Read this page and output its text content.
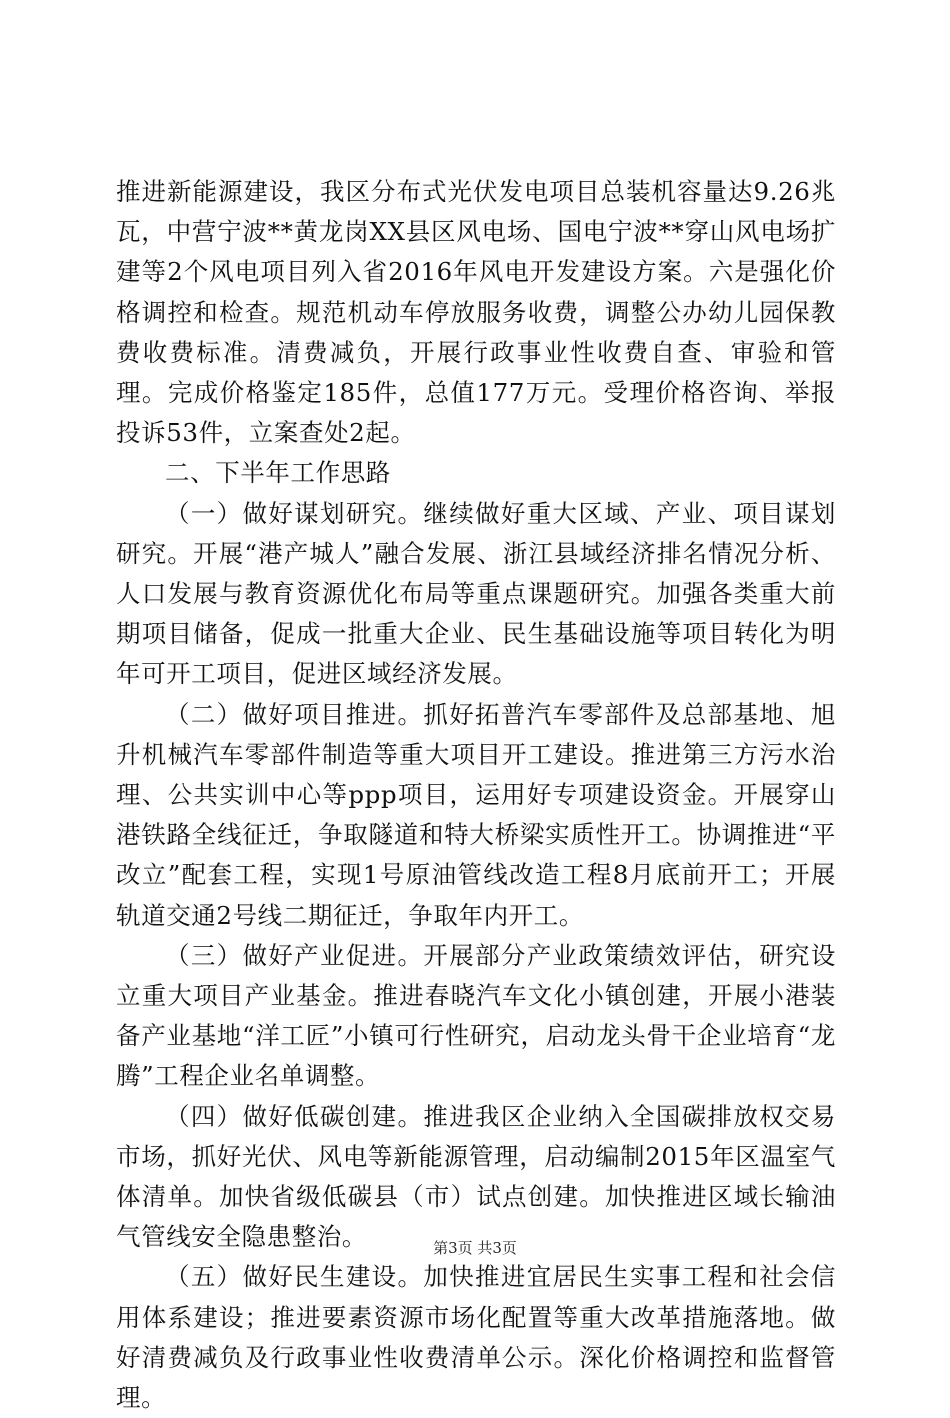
推进新能源建设，我区分布式光伏发电项目总装机容量达9.26兆瓦，中营宁波**黄龙岗XX县区风电场、国电宁波**穿山风电场扩建等2个风电项目列入省2016年风电开发建设方案。六是强化价格调控和检查。规范机动车停放服务收费，调整公办幼儿园保教费收费标准。清费减负，开展行政事业性收费自查、审验和管理。完成价格鉴定185件，总值177万元。受理价格咨询、举报投诉53件，立案查处2起。

二、下半年工作思路

（一）做好谋划研究。继续做好重大区域、产业、项目谋划研究。开展“港产城人”融合发展、浙江县域经济排名情况分析、人口发展与教育资源优化布局等重点课题研究。加强各类重大前期项目储备，促成一批重大企业、民生基础设施等项目转化为明年可开工项目，促进区域经济发展。

（二）做好项目推进。抓好拓普汽车零部件及总部基地、旭升机械汽车零部件制造等重大项目开工建设。推进第三方污水治理、公共实训中心等ppp项目，运用好专项建设资金。开展穿山港铁路全线征迁，争取隧道和特大桥梁实质性开工。协调推进“平改立”配套工程，实现1号原油管线改造工程8月底前开工；开展轨道交通2号线二期征迁，争取年内开工。

（三）做好产业促进。开展部分产业政策绩效评估，研究设立重大项目产业基金。推进春晓汽车文化小镇创建，开展小港装备产业基地“洋工匠”小镇可行性研究，启动龙头骨干企业培育“龙腾”工程企业名单调整。

（四）做好低碳创建。推进我区企业纳入全国碳排放权交易市场，抓好光伏、风电等新能源管理，启动编制2015年区温室气体清单。加快省级低碳县（市）试点创建。加快推进区域长输油气管线安全隐患整治。

（五）做好民生建设。加快推进宜居民生实事工程和社会信用体系建设；推进要素资源市场化配置等重大改革措施落地。做好清费减负及行政事业性收费清单公示。深化价格调控和监督管理。

第3页 共3页
